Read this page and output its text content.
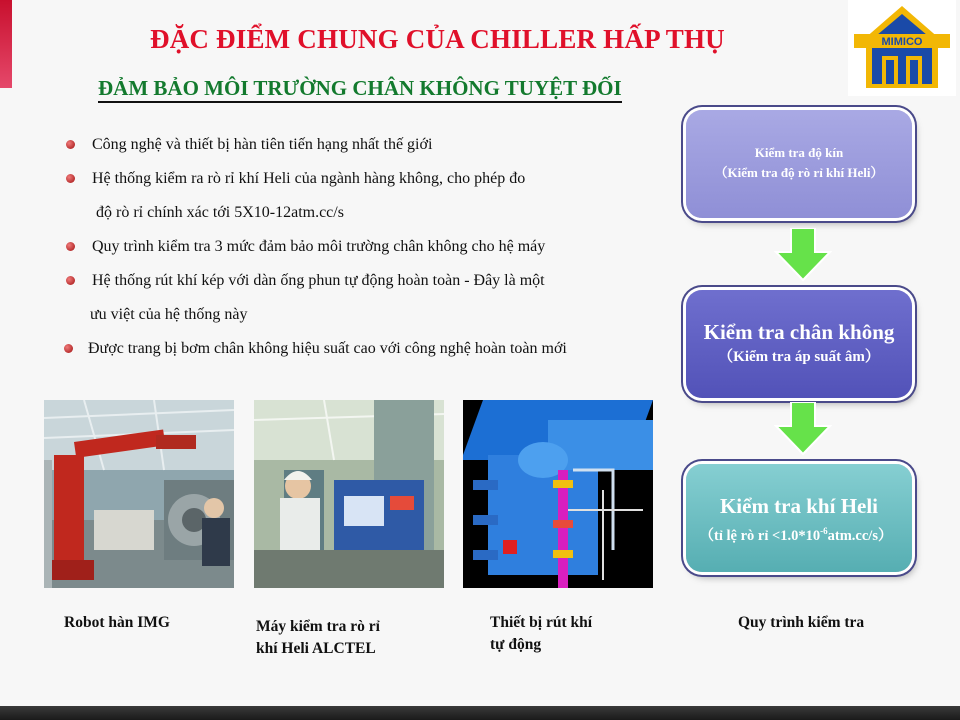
ĐẶC ĐIỂM CHUNG CỦA CHILLER HẤP THỤ
ĐẢM BẢO MÔI TRƯỜNG CHÂN KHÔNG TUYỆT ĐỐI
MIMICO
Công nghệ và thiết bị hàn tiên tiến hạng nhất thế giới
Hệ thống kiểm ra rò rỉ khí Heli của ngành hàng không, cho phép đo
độ rò rỉ chính xác tới 5X10-12atm.cc/s
Quy trình kiểm tra 3 mức đảm bảo môi trường chân không cho hệ máy
Hệ thống rút khí kép với dàn ống phun tự động hoàn toàn - Đây là một
ưu việt của hệ thống này
Được trang bị bơm chân không hiệu suất cao với công nghệ hoàn toàn mới
Robot hàn IMG	Máy kiểm tra rò rỉ
khí Heli ALCTEL
Thiết bị rút khí
tự động
Quy trình kiểm tra
Kiểm tra độ kín
（Kiểm tra độ rò rỉ khí Heli）
Kiểm tra chân không
（Kiểm tra áp suất âm）
Kiểm tra khí Heli
（tỉ lệ rò rỉ $<1.0*10^{-6}atm.cc/s$）
